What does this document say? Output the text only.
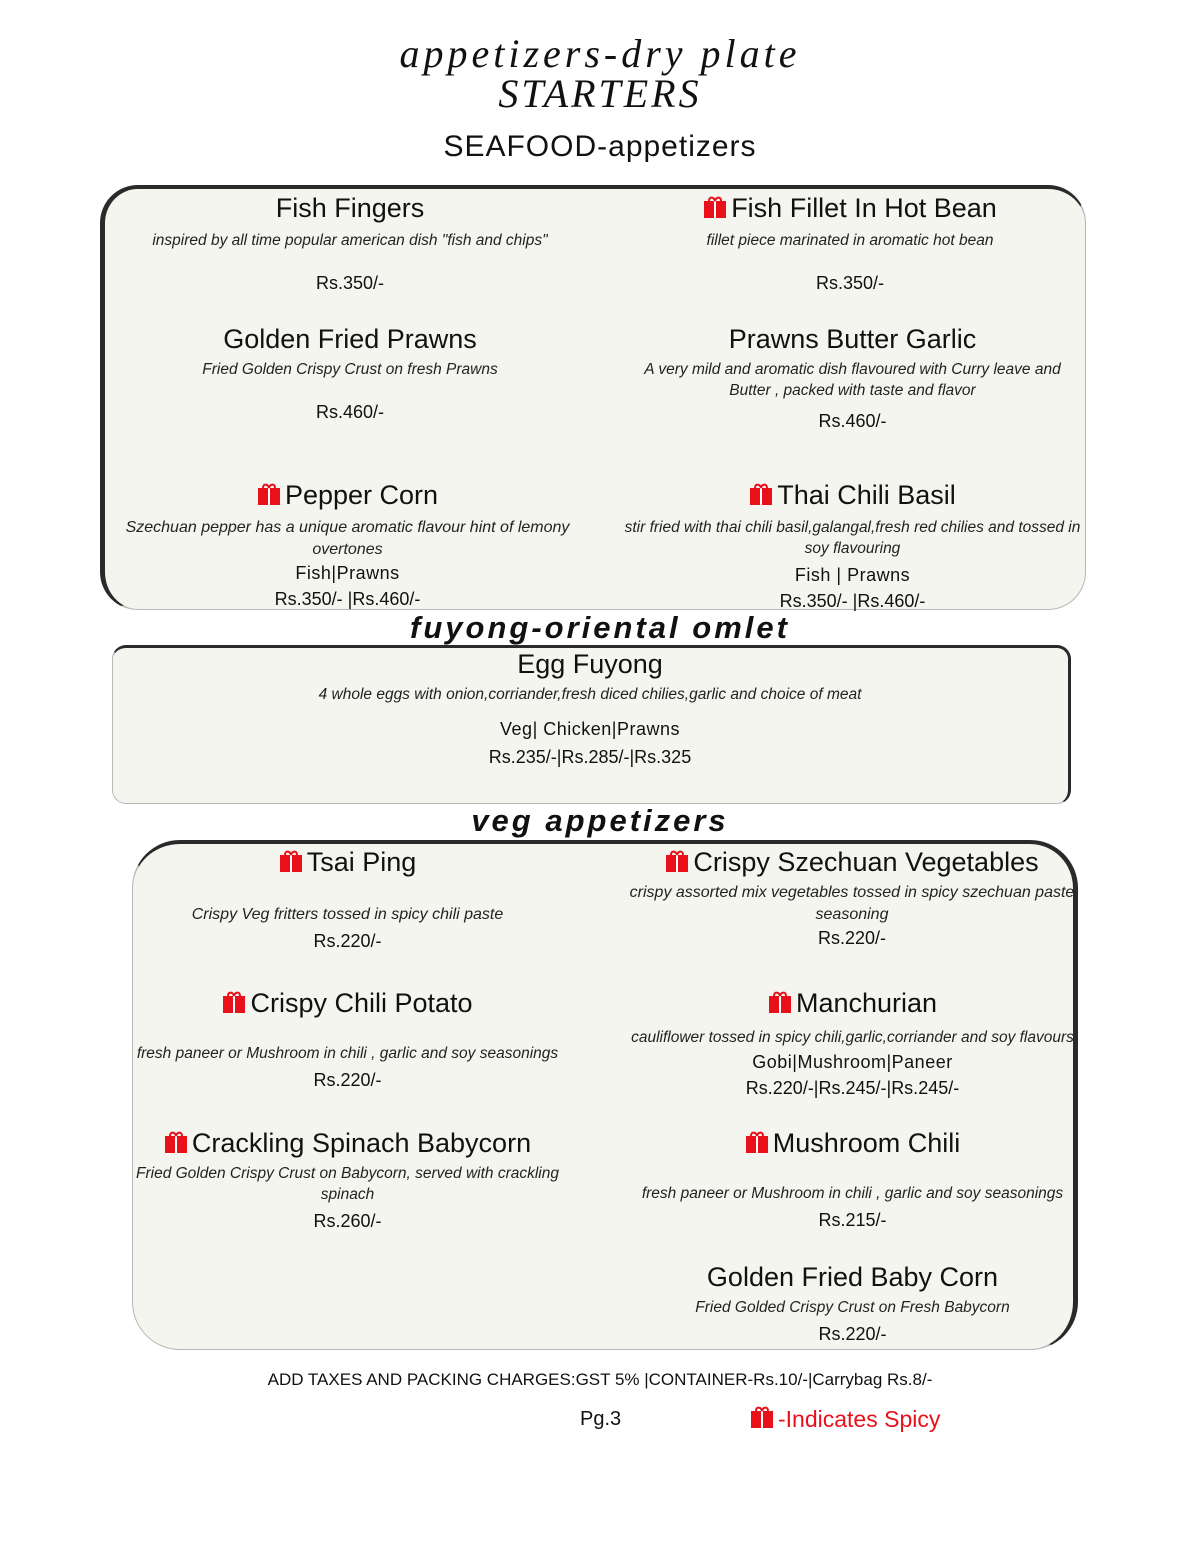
appetizers-dry plate
STARTERS
SEAFOOD-appetizers
Fish Fingers
inspired by all time popular american dish "fish and chips"
Rs.350/-
Fish Fillet In Hot Bean
fillet piece marinated in aromatic hot bean
Rs.350/-
Golden Fried Prawns
Fried Golden Crispy Crust on fresh Prawns
Rs.460/-
Prawns Butter Garlic
A very mild and aromatic dish flavoured with Curry leave and Butter , packed with taste and flavor
Rs.460/-
Pepper Corn
Szechuan pepper has a unique aromatic flavour hint of lemony overtones
Fish|Prawns
Rs.350/- |Rs.460/-
Thai Chili Basil
stir fried with thai chili basil,galangal,fresh red chilies and tossed in soy flavouring
Fish | Prawns
Rs.350/- |Rs.460/-
fuyong-oriental omlet
Egg Fuyong
4 whole eggs with onion,corriander,fresh diced chilies,garlic and choice of meat
Veg| Chicken|Prawns
Rs.235/-|Rs.285/-|Rs.325
veg appetizers
Tsai Ping
Crispy Veg fritters tossed in spicy chili paste
Rs.220/-
Crispy Szechuan Vegetables
crispy assorted mix vegetables tossed in spicy szechuan paste seasoning
Rs.220/-
Crispy Chili Potato
fresh paneer or Mushroom in chili , garlic and soy seasonings
Rs.220/-
Manchurian
cauliflower tossed in spicy chili,garlic,corriander and soy flavours
Gobi|Mushroom|Paneer
Rs.220/-|Rs.245/-|Rs.245/-
Crackling Spinach Babycorn
Fried Golden Crispy Crust on Babycorn, served with crackling spinach
Rs.260/-
Mushroom Chili
fresh paneer or Mushroom in chili , garlic and soy seasonings
Rs.215/-
Golden Fried Baby Corn
Fried Golded Crispy Crust on Fresh Babycorn
Rs.220/-
ADD TAXES AND PACKING CHARGES:GST 5% |CONTAINER-Rs.10/-|Carrybag Rs.8/-
Pg.3	-Indicates Spicy
